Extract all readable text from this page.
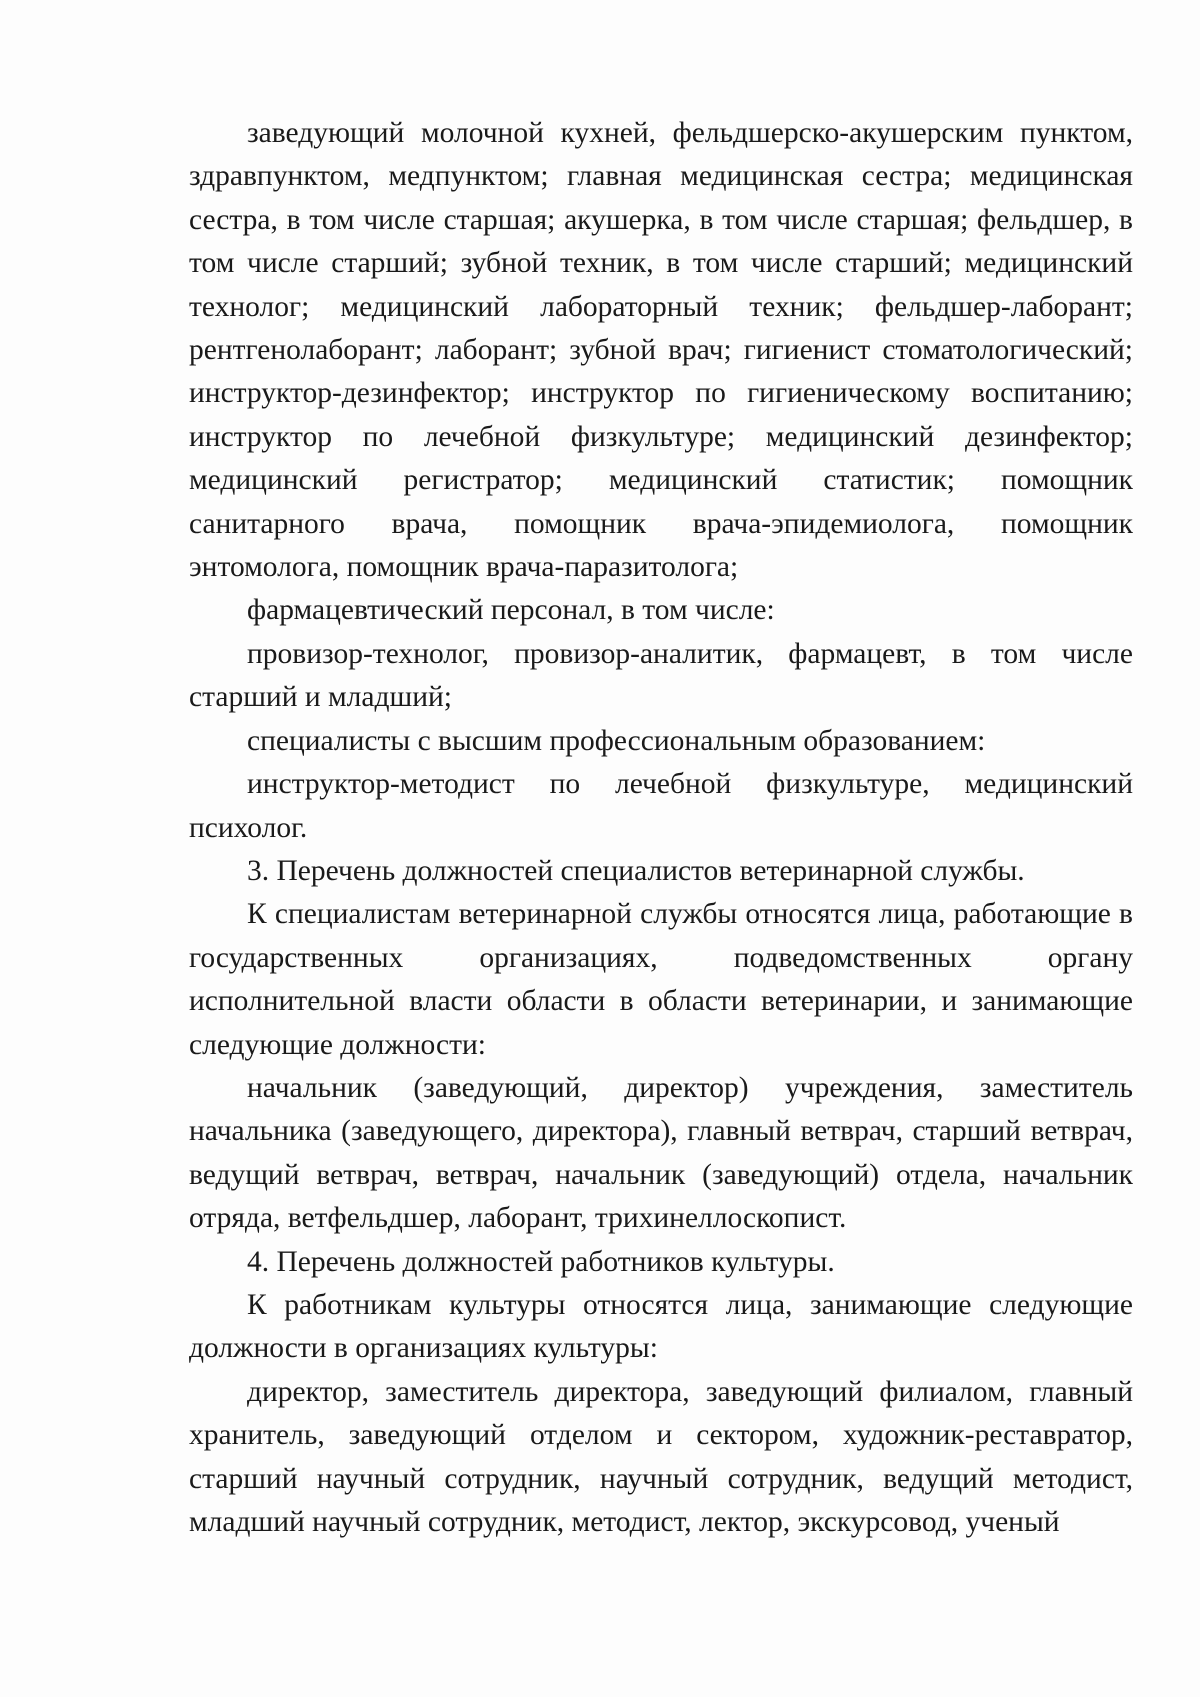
заведующий молочной кухней, фельдшерско-акушерским пунктом, здравпунктом, медпунктом; главная медицинская сестра; медицинская сестра, в том числе старшая; акушерка, в том числе старшая; фельдшер, в том числе старший; зубной техник, в том числе старший; медицинский технолог; медицинский лабораторный техник; фельдшер-лаборант; рентгенолаборант; лаборант; зубной врач; гигиенист стоматологический; инструктор-дезинфектор; инструктор по гигиеническому воспитанию; инструктор по лечебной физкультуре; медицинский дезинфектор; медицинский регистратор; медицинский статистик; помощник санитарного врача, помощник врача-эпидемиолога, помощник энтомолога, помощник врача-паразитолога;

фармацевтический персонал, в том числе:

провизор-технолог, провизор-аналитик, фармацевт, в том числе старший и младший;

специалисты с высшим профессиональным образованием:

инструктор-методист по лечебной физкультуре, медицинский психолог.

3. Перечень должностей специалистов ветеринарной службы.

К специалистам ветеринарной службы относятся лица, работающие в государственных организациях, подведомственных органу исполнительной власти области в области ветеринарии, и занимающие следующие должности:

начальник (заведующий, директор) учреждения, заместитель начальника (заведующего, директора), главный ветврач, старший ветврач, ведущий ветврач, ветврач, начальник (заведующий) отдела, начальник отряда, ветфельдшер, лаборант, трихинеллоскопист.

4. Перечень должностей работников культуры.

К работникам культуры относятся лица, занимающие следующие должности в организациях культуры:

директор, заместитель директора, заведующий филиалом, главный хранитель, заведующий отделом и сектором, художник-реставратор, старший научный сотрудник, научный сотрудник, ведущий методист, младший научный сотрудник, методист, лектор, экскурсовод, ученый
